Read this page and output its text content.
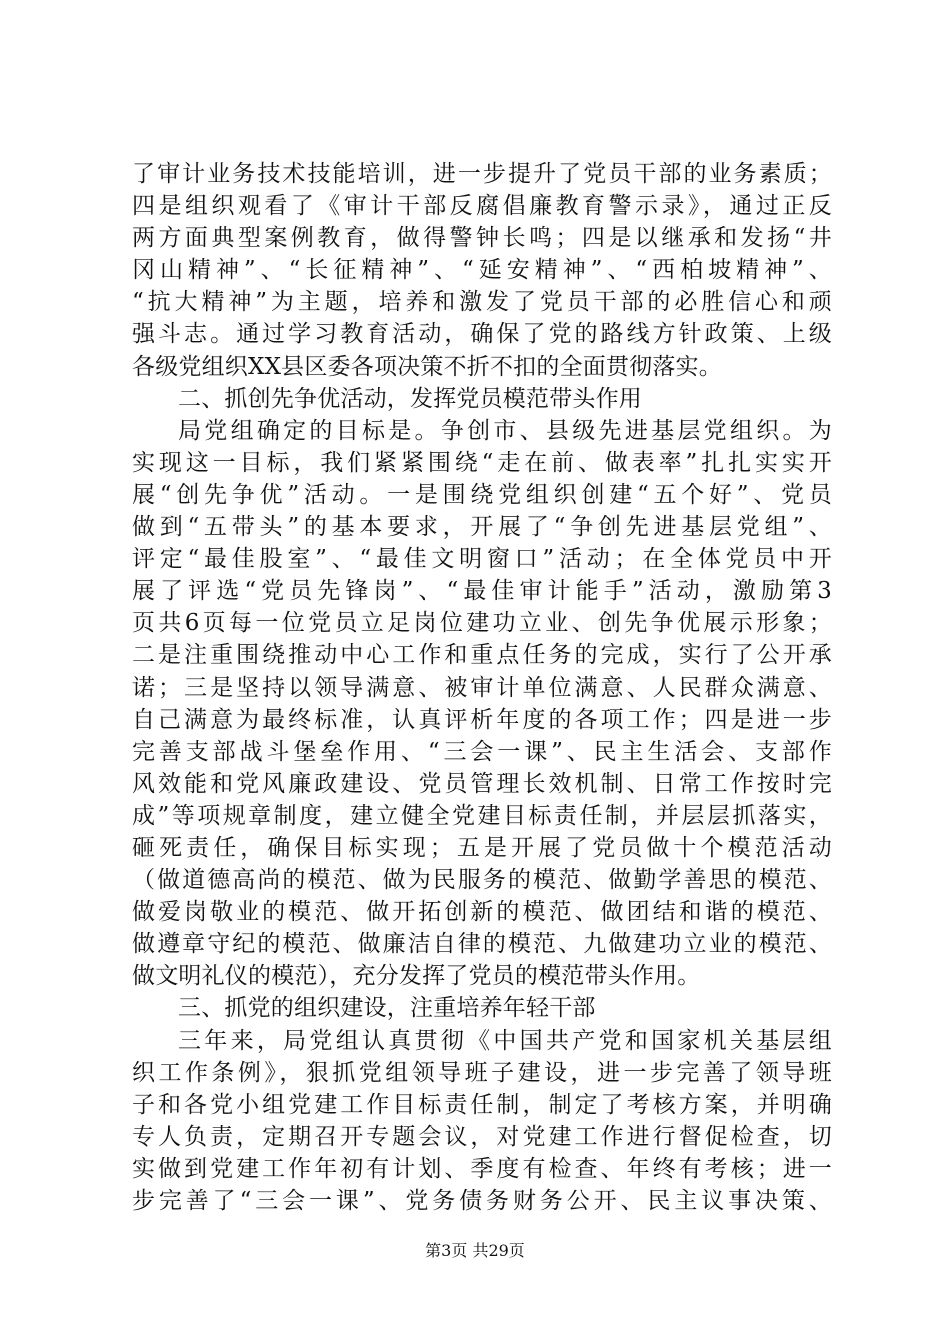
了审计业务技术技能培训，进一步提升了党员干部的业务素质；
四是组织观看了《审计干部反腐倡廉教育警示录》，通过正反
两方面典型案例教育，做得警钟长鸣；四是以继承和发扬“井
冈山精神”、“长征精神”、“延安精神”、“西柏坡精神”、
“抗大精神”为主题，培养和激发了党员干部的必胜信心和顽
强斗志。通过学习教育活动，确保了党的路线方针政策、上级
各级党组织XX县区委各项决策不折不扣的全面贯彻落实。
二、抓创先争优活动，发挥党员模范带头作用
局党组确定的目标是。争创市、县级先进基层党组织。为
实现这一目标，我们紧紧围绕“走在前、做表率”扎扎实实开
展“创先争优”活动。一是围绕党组织创建“五个好”、党员
做到“五带头”的基本要求，开展了“争创先进基层党组”、
评定“最佳股室”、“最佳文明窗口”活动；在全体党员中开
展了评选“党员先锋岗”、“最佳审计能手”活动，激励第3
页共6页每一位党员立足岗位建功立业、创先争优展示形象；
二是注重围绕推动中心工作和重点任务的完成，实行了公开承
诺；三是坚持以领导满意、被审计单位满意、人民群众满意、
自己满意为最终标准，认真评析年度的各项工作；四是进一步
完善支部战斗堡垒作用、“三会一课”、民主生活会、支部作
风效能和党风廉政建设、党员管理长效机制、日常工作按时完
成”等项规章制度，建立健全党建目标责任制，并层层抓落实，
砸死责任，确保目标实现；五是开展了党员做十个模范活动
（做道德高尚的模范、做为民服务的模范、做勤学善思的模范、
做爱岗敬业的模范、做开拓创新的模范、做团结和谐的模范、
做遵章守纪的模范、做廉洁自律的模范、九做建功立业的模范、
做文明礼仪的模范），充分发挥了党员的模范带头作用。
三、抓党的组织建设，注重培养年轻干部
三年来，局党组认真贯彻《中国共产党和国家机关基层组
织工作条例》，狠抓党组领导班子建设，进一步完善了领导班
子和各党小组党建工作目标责任制，制定了考核方案，并明确
专人负责，定期召开专题会议，对党建工作进行督促检查，切
实做到党建工作年初有计划、季度有检查、年终有考核；进一
步完善了“三会一课”、党务债务财务公开、民主议事决策、
第3页 共29页
